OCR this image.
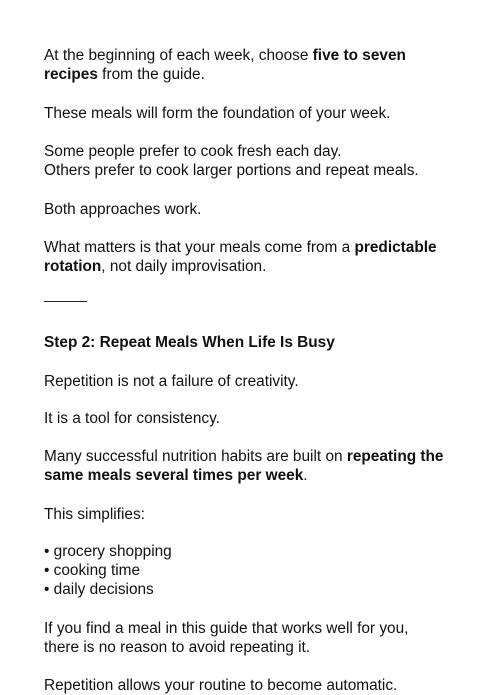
At the beginning of each week, choose five to seven recipes from the guide.

These meals will form the foundation of your week.

Some people prefer to cook fresh each day.
Others prefer to cook larger portions and repeat meals.

Both approaches work.

What matters is that your meals come from a predictable rotation, not daily improvisation.

Step 2: Repeat Meals When Life Is Busy

Repetition is not a failure of creativity.

It is a tool for consistency.

Many successful nutrition habits are built on repeating the same meals several times per week.

This simplifies:

• grocery shopping
• cooking time
• daily decisions

If you find a meal in this guide that works well for you,
there is no reason to avoid repeating it.

Repetition allows your routine to become automatic.
